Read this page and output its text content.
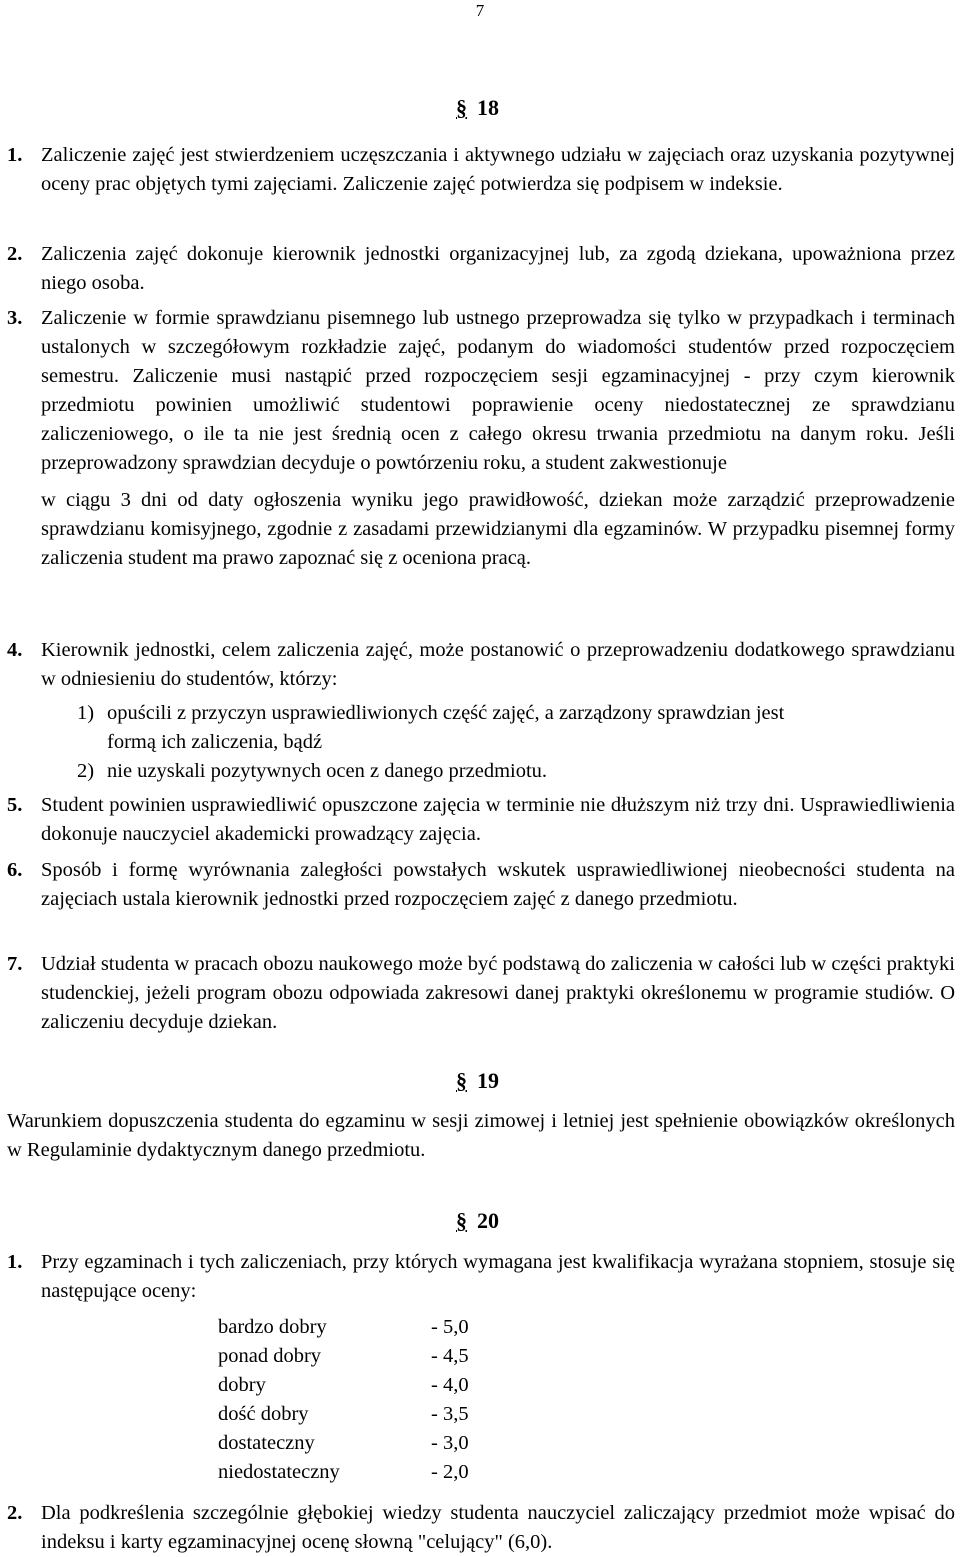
7
§ 18
1. Zaliczenie zajęć jest stwierdzeniem uczęszczania i aktywnego udziału w zajęciach oraz uzyskania pozytywnej oceny prac objętych tymi zajęciami. Zaliczenie zajęć potwierdza się podpisem w indeksie.

2. Zaliczenia zajęć dokonuje kierownik jednostki organizacyjnej lub, za zgodą dziekana, upoważniona przez niego osoba.

3. Zaliczenie w formie sprawdzianu pisemnego lub ustnego przeprowadza się tylko w przypadkach i terminach ustalonych w szczegółowym rozkładzie zajęć, podanym do wiadomości studentów przed rozpoczęciem semestru. Zaliczenie musi nastąpić przed rozpoczęciem sesji egzaminacyjnej - przy czym kierownik przedmiotu powinien umożliwić studentowi poprawienie oceny niedostatecznej ze sprawdzianu zaliczeniowego, o ile ta nie jest średnią ocen z całego okresu trwania przedmiotu na danym roku. Jeśli przeprowadzony sprawdzian decyduje o powtórzeniu roku, a student zakwestionuje

w ciągu 3 dni od daty ogłoszenia wyniku jego prawidłowość, dziekan może zarządzić przeprowadzenie sprawdzianu komisyjnego, zgodnie z zasadami przewidzianymi dla egzaminów. W przypadku pisemnej formy zaliczenia student ma prawo zapoznać się z oceniona pracą.

4. Kierownik jednostki, celem zaliczenia zajęć, może postanowić o przeprowadzeniu dodatkowego sprawdzianu w odniesieniu do studentów, którzy:

1) opuścili z przyczyn usprawiedliwionych część zajęć, a zarządzony sprawdzian jest
formą ich zaliczenia, bądź
2) nie uzyskali pozytywnych ocen z danego przedmiotu.
5. Student powinien usprawiedliwić opuszczone zajęcia w terminie nie dłuższym niż trzy dni. Usprawiedliwienia dokonuje nauczyciel akademicki prowadzący zajęcia.

6. Sposób i formę wyrównania zaległości powstałych wskutek usprawiedliwionej nieobecności studenta na zajęciach ustala kierownik jednostki przed rozpoczęciem zajęć z danego przedmiotu.

7. Udział studenta w pracach obozu naukowego może być podstawą do zaliczenia w całości lub w części praktyki studenckiej, jeżeli program obozu odpowiada zakresowi danej praktyki określonemu w programie studiów. O zaliczeniu decyduje dziekan.

§ 19
Warunkiem dopuszczenia studenta do egzaminu w sesji zimowej i letniej jest spełnienie obowiązków określonych w Regulaminie dydaktycznym danego przedmiotu.
§ 20
1. Przy egzaminach i tych zaliczeniach, przy których wymagana jest kwalifikacja wyrażana stopniem, stosuje się następujące oceny:

bardzo dobry	- 5,0
ponad dobry	- 4,5
dobry	- 4,0
dość dobry	- 3,5
dostateczny	- 3,0
niedostateczny	- 2,0
2. Dla podkreślenia szczególnie głębokiej wiedzy studenta nauczyciel zaliczający przedmiot może wpisać do indeksu i karty egzaminacyjnej ocenę słowną "celujący" (6,0).
